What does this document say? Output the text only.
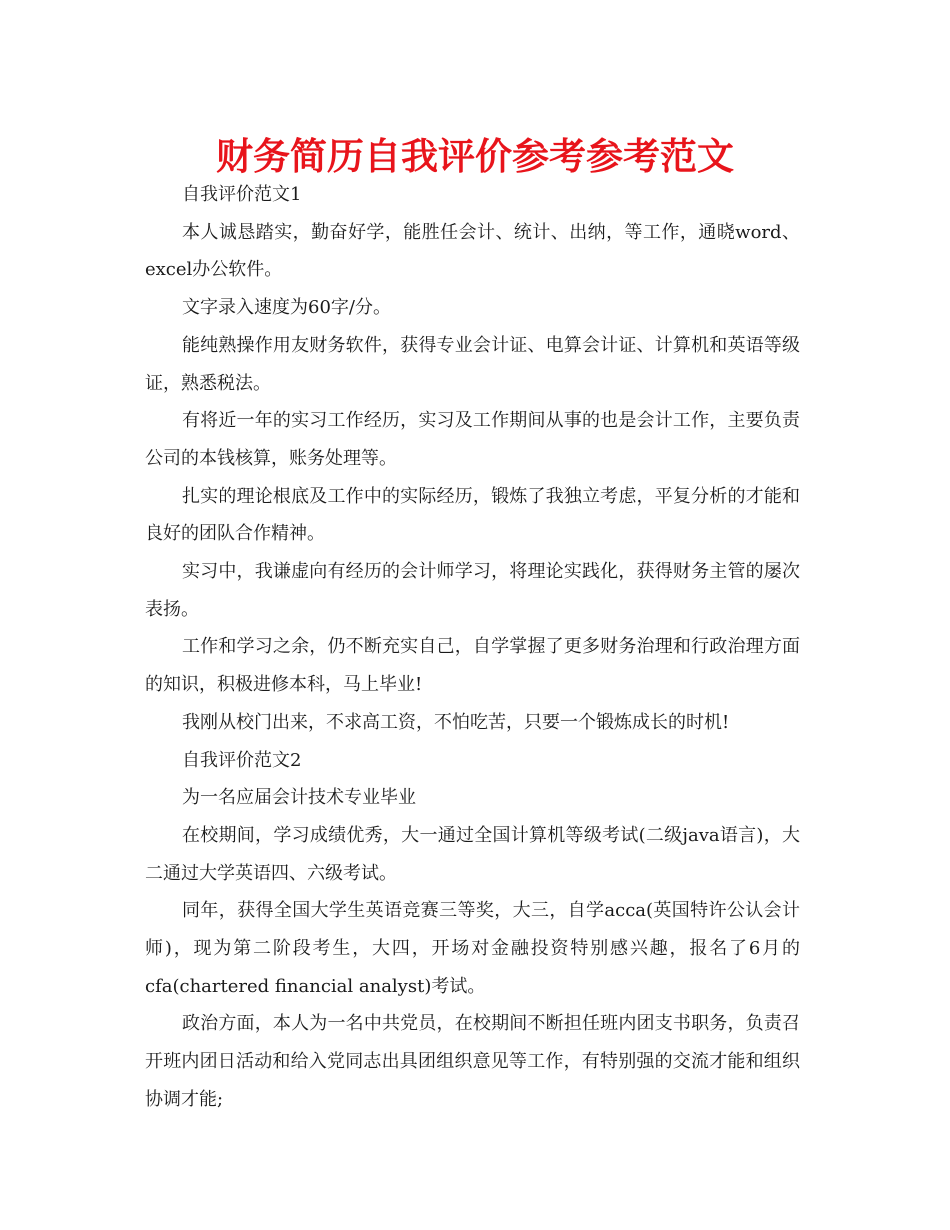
财务简历自我评价参考参考范文

自我评价范文1

本人诚恳踏实，勤奋好学，能胜任会计、统计、出纳，等工作，通晓word、excel办公软件。

文字录入速度为60字/分。

能纯熟操作用友财务软件，获得专业会计证、电算会计证、计算机和英语等级证，熟悉税法。

有将近一年的实习工作经历，实习及工作期间从事的也是会计工作，主要负责公司的本钱核算，账务处理等。

扎实的理论根底及工作中的实际经历，锻炼了我独立考虑，平复分析的才能和良好的团队合作精神。

实习中，我谦虚向有经历的会计师学习，将理论实践化，获得财务主管的屡次表扬。

工作和学习之余，仍不断充实自己，自学掌握了更多财务治理和行政治理方面的知识，积极进修本科，马上毕业!

我刚从校门出来，不求高工资，不怕吃苦，只要一个锻炼成长的时机!

自我评价范文2

为一名应届会计技术专业毕业

在校期间，学习成绩优秀，大一通过全国计算机等级考试(二级java语言)，大二通过大学英语四、六级考试。

同年，获得全国大学生英语竞赛三等奖，大三，自学acca(英国特许公认会计师)，现为第二阶段考生，大四，开场对金融投资特别感兴趣，报名了6月的cfa(chartered financial analyst)考试。

政治方面，本人为一名中共党员，在校期间不断担任班内团支书职务，负责召开班内团日活动和给入党同志出具团组织意见等工作，有特别强的交流才能和组织协调才能;
